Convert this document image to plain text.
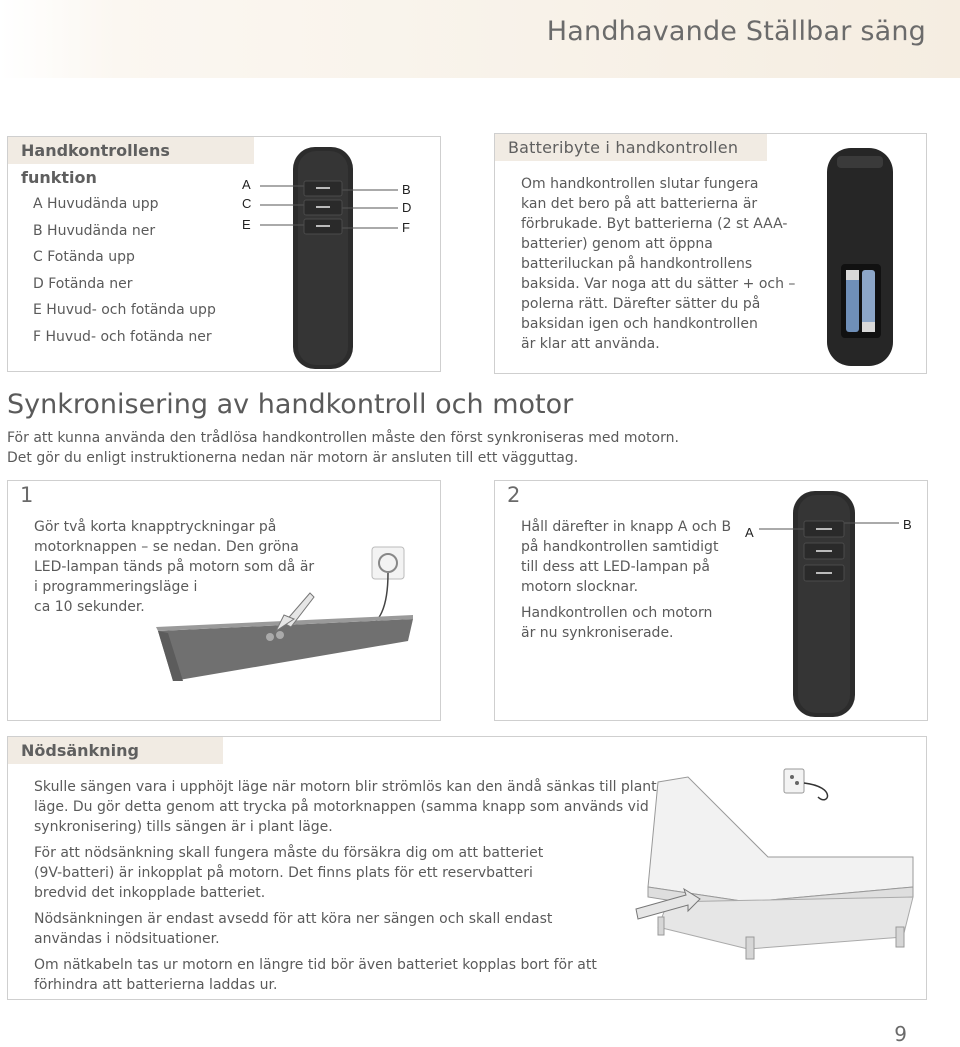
Handhavande Ställbar säng
Handkontrollens funktion
A Huvudända upp
B Huvudända ner
C Fotända upp
D Fotända ner
E Huvud- och fotända upp
F Huvud- och fotända ner
A
C
E
B
D
F
Batteribyte i handkontrollen

Om handkontrollen slutar fungera

kan det bero på att batterierna är

förbrukade. Byt batterierna (2 st AAA-

batterier) genom att öppna

batteriluckan på handkontrollens

baksida. Var noga att du sätter + och –

polerna rätt. Därefter sätter du på

baksidan igen och handkontrollen

är klar att använda.

Synkronisering av handkontroll och motor
För att kunna använda den trådlösa handkontrollen måste den först synkroniseras med motorn.
Det gör du enligt instruktionerna nedan när motorn är ansluten till ett vägguttag.
1

Gör två korta knapptryckningar på

motorknappen – se nedan. Den gröna

LED-lampan tänds på motorn som då är

i programmeringsläge i

ca 10 sekunder.

2

Håll därefter in knapp A och B

på handkontrollen samtidigt

till dess att LED-lampan på

motorn slocknar.

Handkontrollen och motorn

är nu synkroniserade.

A
B
Nödsänkning

Skulle sängen vara i upphöjt läge när motorn blir strömlös kan den ändå sänkas till plant

läge. Du gör detta genom att trycka på motorknappen (samma knapp som används vid

synkronisering) tills sängen är i plant läge.

För att nödsänkning skall fungera måste du försäkra dig om att batteriet

(9V-batteri) är inkopplat på motorn. Det finns plats för ett reservbatteri

bredvid det inkopplade batteriet.

Nödsänkningen är endast avsedd för att köra ner sängen och skall endast

användas i nödsituationer.

Om nätkabeln tas ur motorn en längre tid bör även batteriet kopplas bort för att

förhindra att batterierna laddas ur.

9
